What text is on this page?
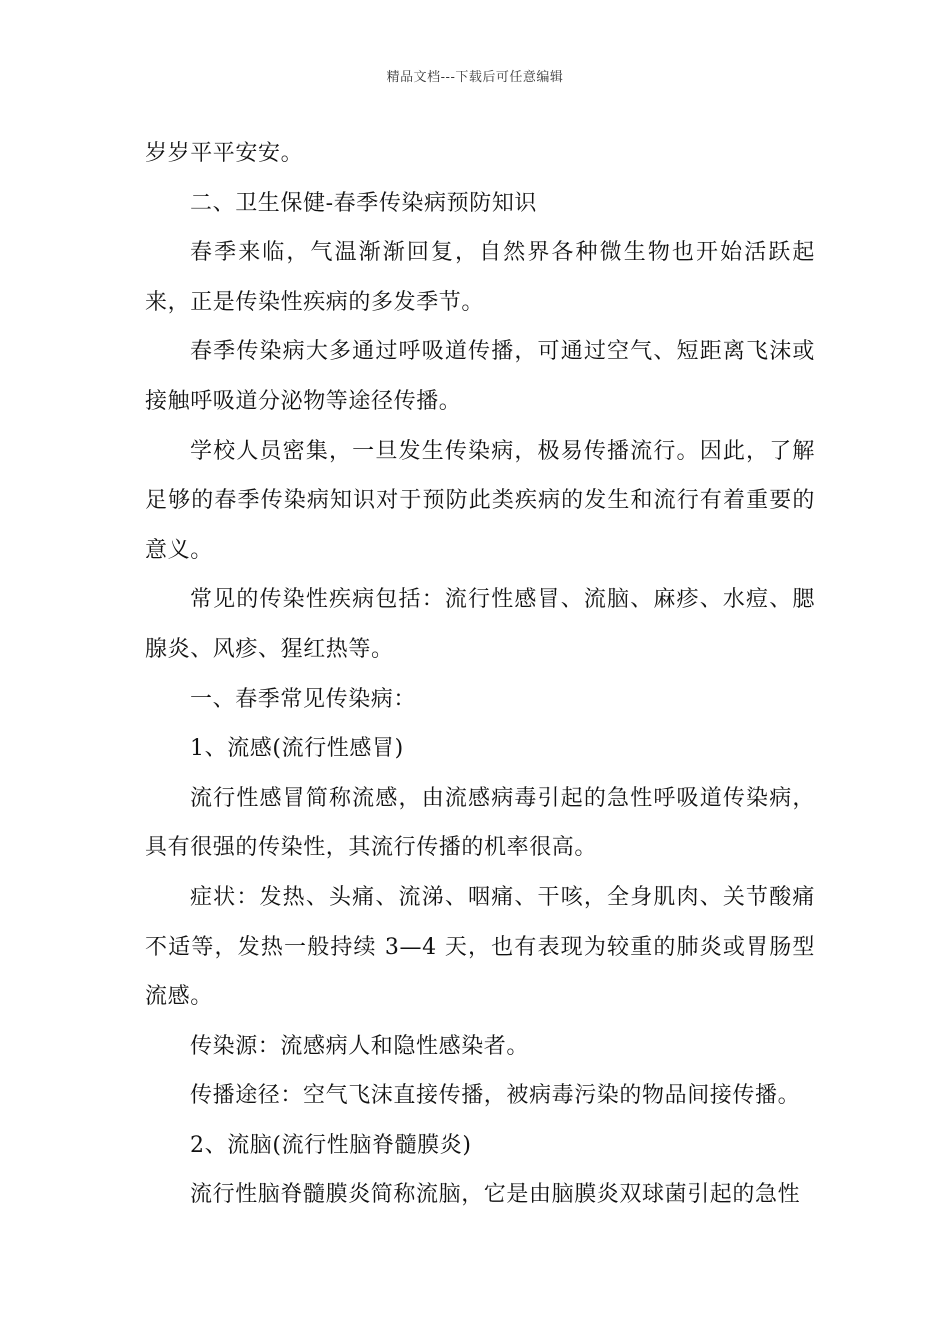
精品文档---下载后可任意编辑

岁岁平平安安。

二、卫生保健-春季传染病预防知识

春季来临，气温渐渐回复，自然界各种微生物也开始活跃起来，正是传染性疾病的多发季节。

春季传染病大多通过呼吸道传播，可通过空气、短距离飞沫或接触呼吸道分泌物等途径传播。

学校人员密集，一旦发生传染病，极易传播流行。因此，了解足够的春季传染病知识对于预防此类疾病的发生和流行有着重要的意义。

常见的传染性疾病包括：流行性感冒、流脑、麻疹、水痘、腮腺炎、风疹、猩红热等。

一、春季常见传染病：

1、流感(流行性感冒)

流行性感冒简称流感，由流感病毒引起的急性呼吸道传染病，具有很强的传染性，其流行传播的机率很高。

症状：发热、头痛、流涕、咽痛、干咳，全身肌肉、关节酸痛不适等，发热一般持续 3—4 天，也有表现为较重的肺炎或胃肠型流感。

传染源：流感病人和隐性感染者。

传播途径：空气飞沫直接传播，被病毒污染的物品间接传播。

2、流脑(流行性脑脊髓膜炎)

流行性脑脊髓膜炎简称流脑，它是由脑膜炎双球菌引起的急性
